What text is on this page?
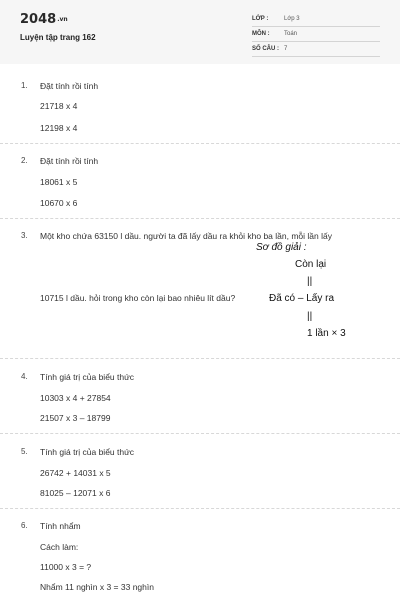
2048.vn
Luyện tập trang 162
LỚP :	Lớp 3
MÔN : Toán
SỐ CÂU : 7
1. Đặt tính rồi tính
21718 x 4
12198 x 4
2. Đặt tính rồi tính
18061 x 5
10670 x 6
3. Một kho chứa 63150 l dầu. người ta đã lấy dầu ra khỏi kho ba lần, mỗi lần lấy
10715 l dầu. hỏi trong kho còn lại bao nhiêu lít dầu?
Sơ đồ giải :
Còn lại
||
Đã có – Lấy ra
||
1 lần × 3
4. Tính giá trị của biểu thức
10303 x 4 + 27854
21507 x 3 – 18799
5. Tính giá trị của biểu thức
26742 + 14031 x 5
81025 – 12071 x 6
6. Tính nhẩm
Cách làm:
11000 x 3 = ?
Nhẩm 11 nghìn x 3 = 33 nghìn
